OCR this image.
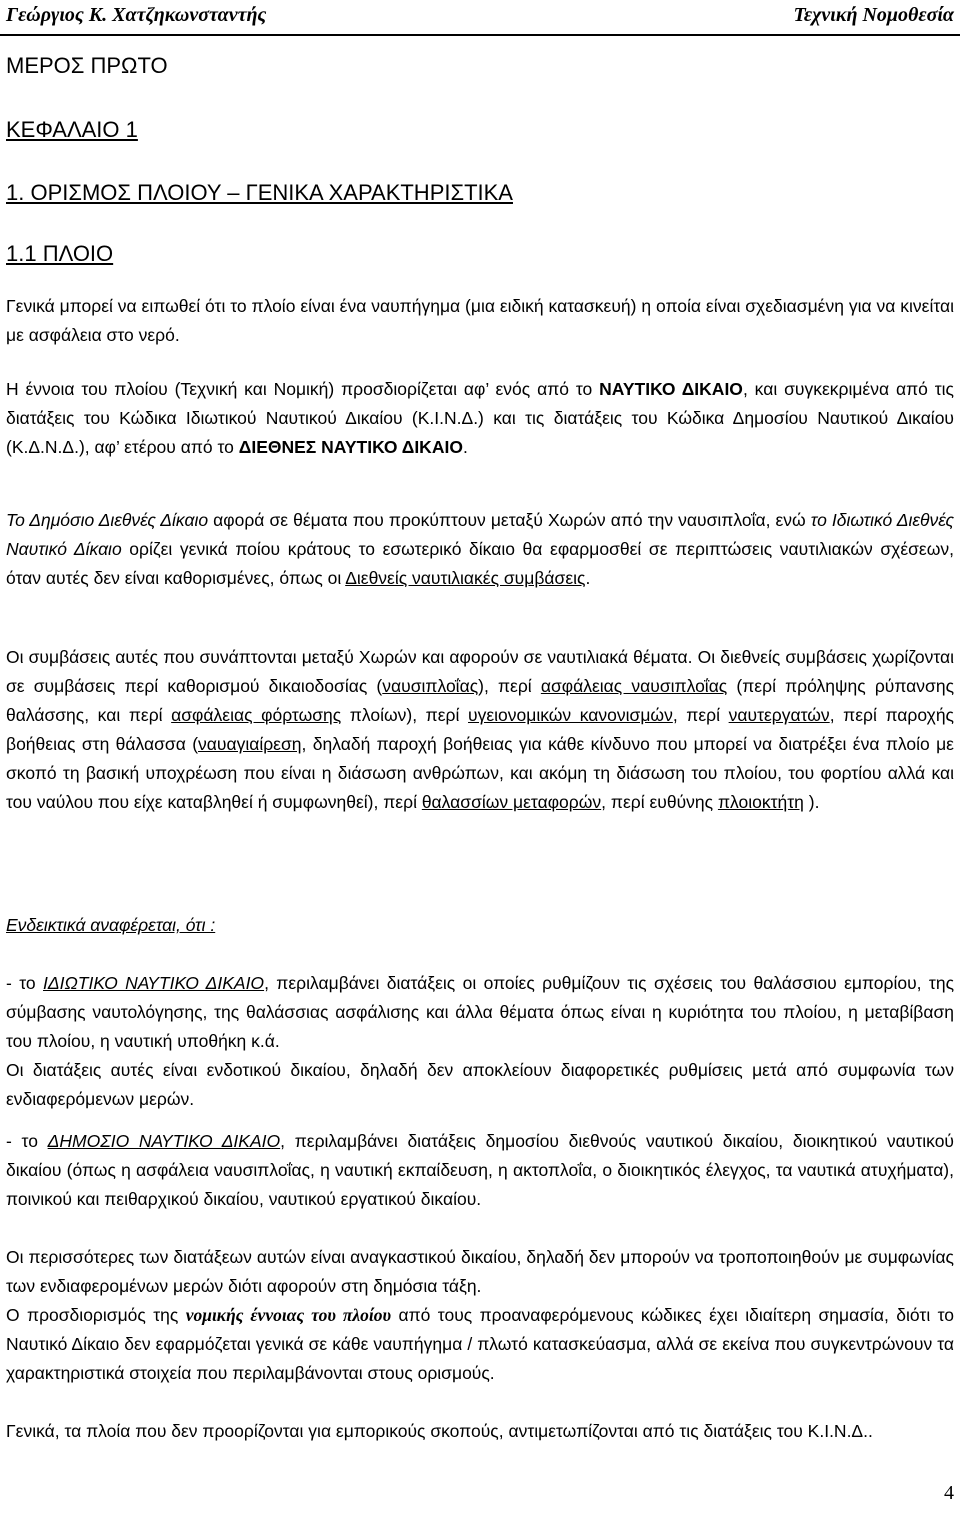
Γεώργιος Κ. Χατζηκωνσταντής	Τεχνική Νομοθεσία
ΜΕΡΟΣ ΠΡΩΤΟ
ΚΕΦΑΛΑΙΟ 1
1. ΟΡΙΣΜΟΣ ΠΛΟΙΟΥ – ΓΕΝΙΚΑ ΧΑΡΑΚΤΗΡΙΣΤΙΚΑ
1.1 ΠΛΟΙΟ
Γενικά μπορεί να ειπωθεί ότι το πλοίο είναι ένα ναυπήγημα (μια ειδική κατασκευή) η οποία είναι σχεδιασμένη για να κινείται με ασφάλεια στο νερό.
Η έννοια του πλοίου (Τεχνική και Νομική) προσδιορίζεται αφ’ ενός από το ΝΑΥΤΙΚΟ ΔΙΚΑΙΟ, και συγκεκριμένα από τις διατάξεις του Κώδικα Ιδιωτικού Ναυτικού Δικαίου (Κ.Ι.Ν.Δ.) και τις διατάξεις του Κώδικα Δημοσίου Ναυτικού Δικαίου (Κ.Δ.Ν.Δ.), αφ’ ετέρου από το ΔΙΕΘΝΕΣ ΝΑΥΤΙΚΟ ΔΙΚΑΙΟ.
Το Δημόσιο Διεθνές Δίκαιο αφορά σε θέματα που προκύπτουν μεταξύ Χωρών από την ναυσιπλοΐα, ενώ το Ιδιωτικό Διεθνές Ναυτικό Δίκαιο ορίζει γενικά ποίου κράτους το εσωτερικό δίκαιο θα εφαρμοσθεί σε περιπτώσεις ναυτιλιακών σχέσεων, όταν αυτές δεν είναι καθορισμένες, όπως οι Διεθνείς ναυτιλιακές συμβάσεις.
Οι συμβάσεις αυτές που συνάπτονται μεταξύ Χωρών και αφορούν σε ναυτιλιακά θέματα. Οι διεθνείς συμβάσεις χωρίζονται σε συμβάσεις περί καθορισμού δικαιοδοσίας (ναυσιπλοΐας), περί ασφάλειας ναυσιπλοΐας (περί πρόληψης ρύπανσης θαλάσσης, και περί ασφάλειας φόρτωσης πλοίων), περί υγειονομικών κανονισμών, περί ναυτεργατών, περί παροχής βοήθειας στη θάλασσα (ναυαγιαίρεση, δηλαδή παροχή βοήθειας για κάθε κίνδυνο που μπορεί να διατρέξει ένα πλοίο με σκοπό τη βασική υποχρέωση που είναι η διάσωση ανθρώπων, και ακόμη τη διάσωση του πλοίου, του φορτίου αλλά και του ναύλου που είχε καταβληθεί ή συμφωνηθεί), περί θαλασσίων μεταφορών, περί ευθύνης πλοιοκτήτη ).
Ενδεικτικά αναφέρεται, ότι :
- το ΙΔΙΩΤΙΚΟ ΝΑΥΤΙΚΟ ΔΙΚΑΙΟ, περιλαμβάνει διατάξεις οι οποίες ρυθμίζουν τις σχέσεις του θαλάσσιου εμπορίου, της σύμβασης ναυτολόγησης, της θαλάσσιας ασφάλισης και άλλα θέματα όπως είναι η κυριότητα του πλοίου, η μεταβίβαση του πλοίου, η ναυτική υποθήκη κ.ά.
Οι διατάξεις αυτές είναι ενδοτικού δικαίου, δηλαδή δεν αποκλείουν διαφορετικές ρυθμίσεις μετά από συμφωνία των ενδιαφερόμενων μερών.
- το ΔΗΜΟΣΙΟ ΝΑΥΤΙΚΟ ΔΙΚΑΙΟ, περιλαμβάνει διατάξεις δημοσίου διεθνούς ναυτικού δικαίου, διοικητικού ναυτικού δικαίου (όπως η ασφάλεια ναυσιπλοΐας, η ναυτική εκπαίδευση, η ακτοπλοΐα, ο διοικητικός έλεγχος, τα ναυτικά ατυχήματα), ποινικού και πειθαρχικού δικαίου, ναυτικού εργατικού δικαίου.
Οι περισσότερες των διατάξεων αυτών είναι αναγκαστικού δικαίου, δηλαδή δεν μπορούν να τροποποιηθούν με συμφωνίας των ενδιαφερομένων μερών διότι αφορούν στη δημόσια τάξη.
Ο προσδιορισμός της νομικής έννοιας του πλοίου από τους προαναφερόμενους κώδικες έχει ιδιαίτερη σημασία, διότι το Ναυτικό Δίκαιο δεν εφαρμόζεται γενικά σε κάθε ναυπήγημα / πλωτό κατασκεύασμα, αλλά σε εκείνα που συγκεντρώνουν τα χαρακτηριστικά στοιχεία που περιλαμβάνονται στους ορισμούς.
Γενικά, τα πλοία που δεν προορίζονται για εμπορικούς σκοπούς, αντιμετωπίζονται από τις διατάξεις του Κ.Ι.Ν.Δ..
4
